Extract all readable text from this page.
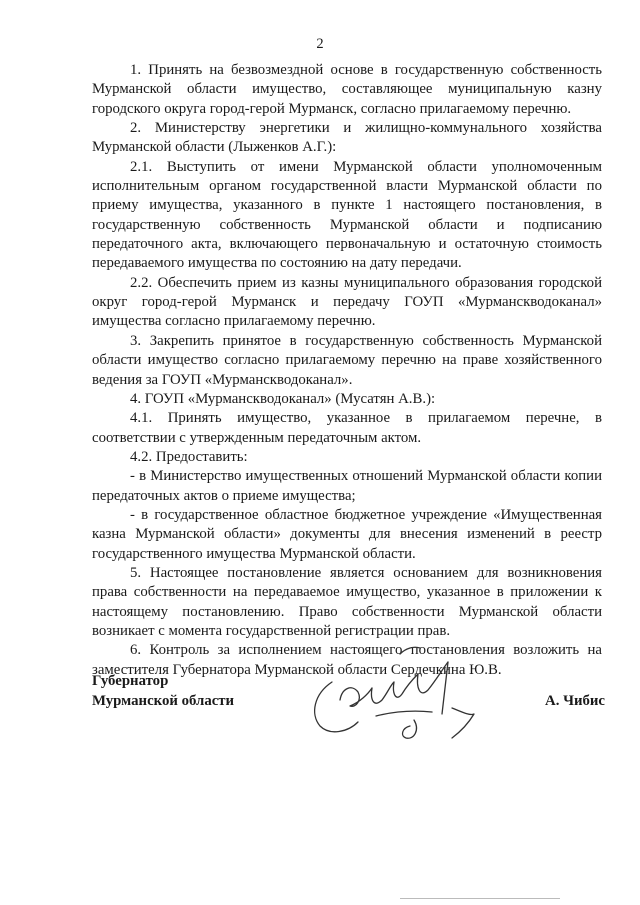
2

1. Принять на безвозмездной основе в государственную собственность Мурманской области имущество, составляющее муниципальную казну городского округа город-герой Мурманск, согласно прилагаемому перечню.

2. Министерству энергетики и жилищно-коммунального хозяйства Мурманской области (Лыженков А.Г.):

2.1. Выступить от имени Мурманской области уполномоченным исполнительным органом государственной власти Мурманской области по приему имущества, указанного в пункте 1 настоящего постановления, в государственную собственность Мурманской области и подписанию передаточного акта, включающего первоначальную и остаточную стоимость передаваемого имущества по состоянию на дату передачи.

2.2. Обеспечить прием из казны муниципального образования городской округ город-герой Мурманск и передачу ГОУП «Мурманскводоканал» имущества согласно прилагаемому перечню.

3. Закрепить принятое в государственную собственность Мурманской области имущество согласно прилагаемому перечню на праве хозяйственного ведения за ГОУП «Мурманскводоканал».

4. ГОУП «Мурманскводоканал» (Мусатян А.В.):

4.1. Принять имущество, указанное в прилагаемом перечне, в соответствии с утвержденным передаточным актом.

4.2. Предоставить:

- в Министерство имущественных отношений Мурманской области копии передаточных актов о приеме имущества;

- в государственное областное бюджетное учреждение «Имущественная казна Мурманской области» документы для внесения изменений в реестр государственного имущества Мурманской области.

5. Настоящее постановление является основанием для возникновения права собственности на передаваемое имущество, указанное в приложении к настоящему постановлению. Право собственности Мурманской области возникает с момента государственной регистрации прав.

6. Контроль за исполнением настоящего постановления возложить на заместителя Губернатора Мурманской области Сердечкина Ю.В.

Губернатор
Мурманской области	А. Чибис
